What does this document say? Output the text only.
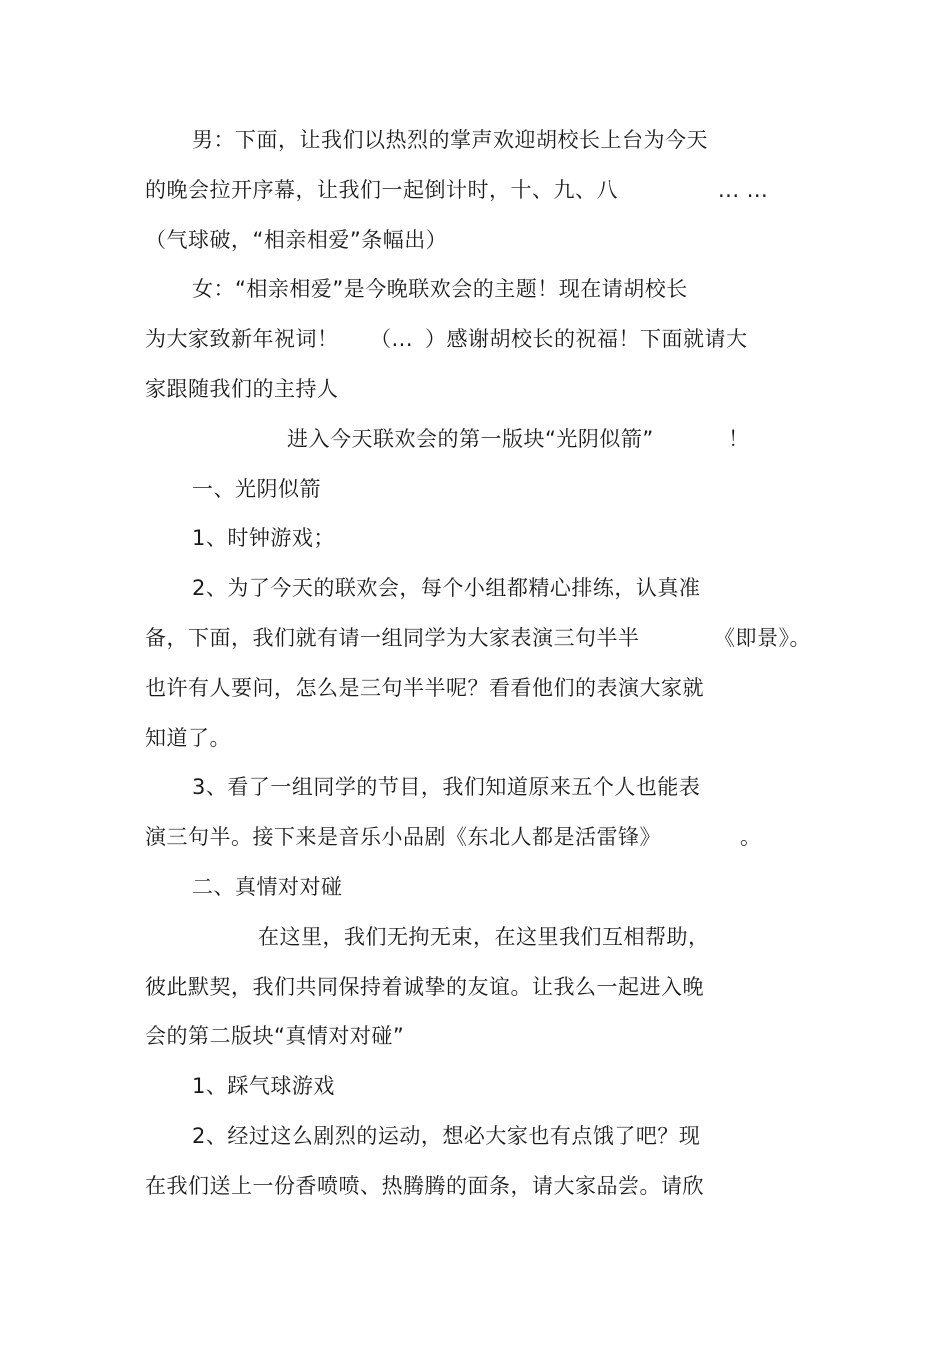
男：下面，让我们以热烈的掌声欢迎胡校长上台为今天
的晚会拉开序幕，让我们一起倒计时，十、九、八	... ...
（气球破，“相亲相爱”条幅出）
女：“相亲相爱”是今晚联欢会的主题！现在请胡校长
为大家致新年祝词！ （... ）感谢胡校长的祝福！下面就请大
家跟随我们的主持人
进入今天联欢会的第一版块“光阴似箭”	！
一、光阴似箭
1、时钟游戏；
2、为了今天的联欢会，每个小组都精心排练，认真准
备，下面，我们就有请一组同学为大家表演三句半半	《即景》。
也许有人要问，怎么是三句半半呢？看看他们的表演大家就
知道了。
3、看了一组同学的节目，我们知道原来五个人也能表
演三句半。接下来是音乐小品剧《东北人都是活雷锋》	。
二、真情对对碰
在这里，我们无拘无束，在这里我们互相帮助，
彼此默契，我们共同保持着诚挚的友谊。让我么一起进入晚
会的第二版块“真情对对碰”
1、踩气球游戏
2、经过这么剧烈的运动，想必大家也有点饿了吧？现
在我们送上一份香喷喷、热腾腾的面条，请大家品尝。请欣
